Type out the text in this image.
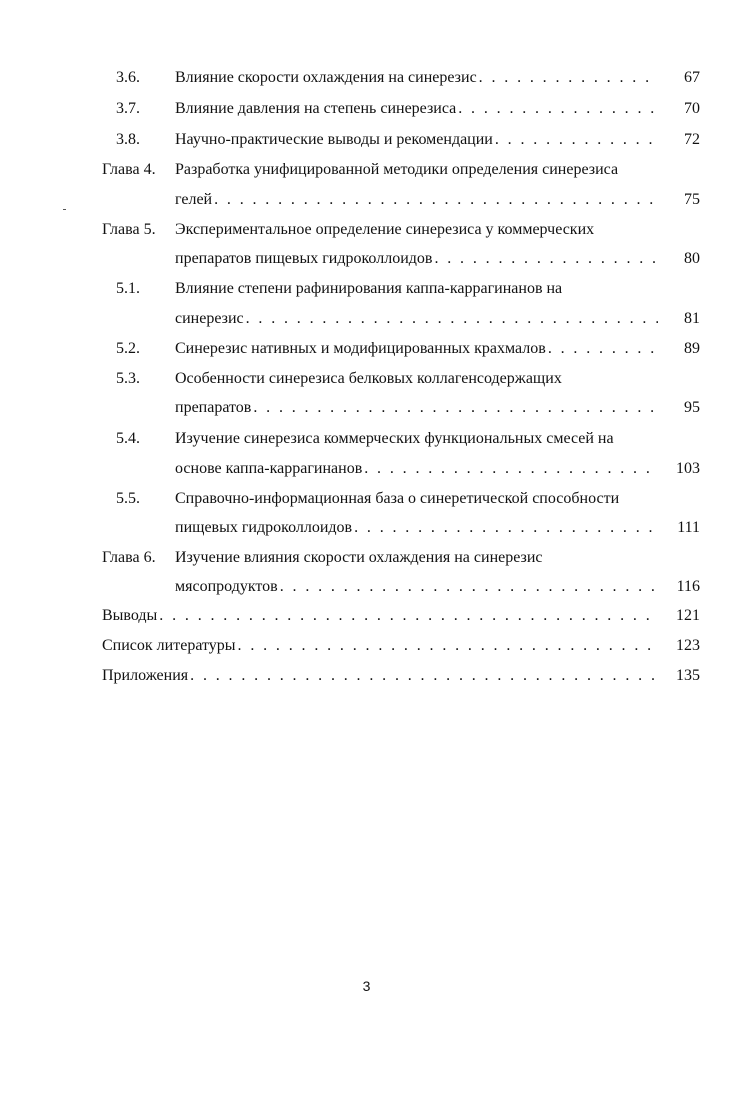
3.6. Влияние скорости охлаждения на синерезис . . .	67
3.7. Влияние давления на степень синерезиса . . .	70
3.8. Научно-практические выводы и рекомендации . . .	72
Глава 4.	Разработка унифицированной методики определения синерезиса
гелей . . .	75
Глава 5.	Экспериментальное определение синерезиса у коммерческих
препаратов пищевых гидроколлоидов . . .	80
5.1. Влияние степени рафинирования каппа-каррагинанов на
синерезис . . .	81
5.2. Синерезис нативных и модифицированных крахмалов . . .	89
5.3. Особенности синерезиса белковых коллагенсодержащих
препаратов . . .	95
5.4. Изучение синерезиса коммерческих функциональных смесей на
основе каппа-каррагинанов . . .	103
5.5. Справочно-информационная база о синеретической способности
пищевых гидроколлоидов . . .	111
Глава 6.	Изучение влияния скорости охлаждения на синерезис
мясопродуктов . . .	116
Выводы . . .	121
Список литературы . . .	123
Приложения . . .	135
3
